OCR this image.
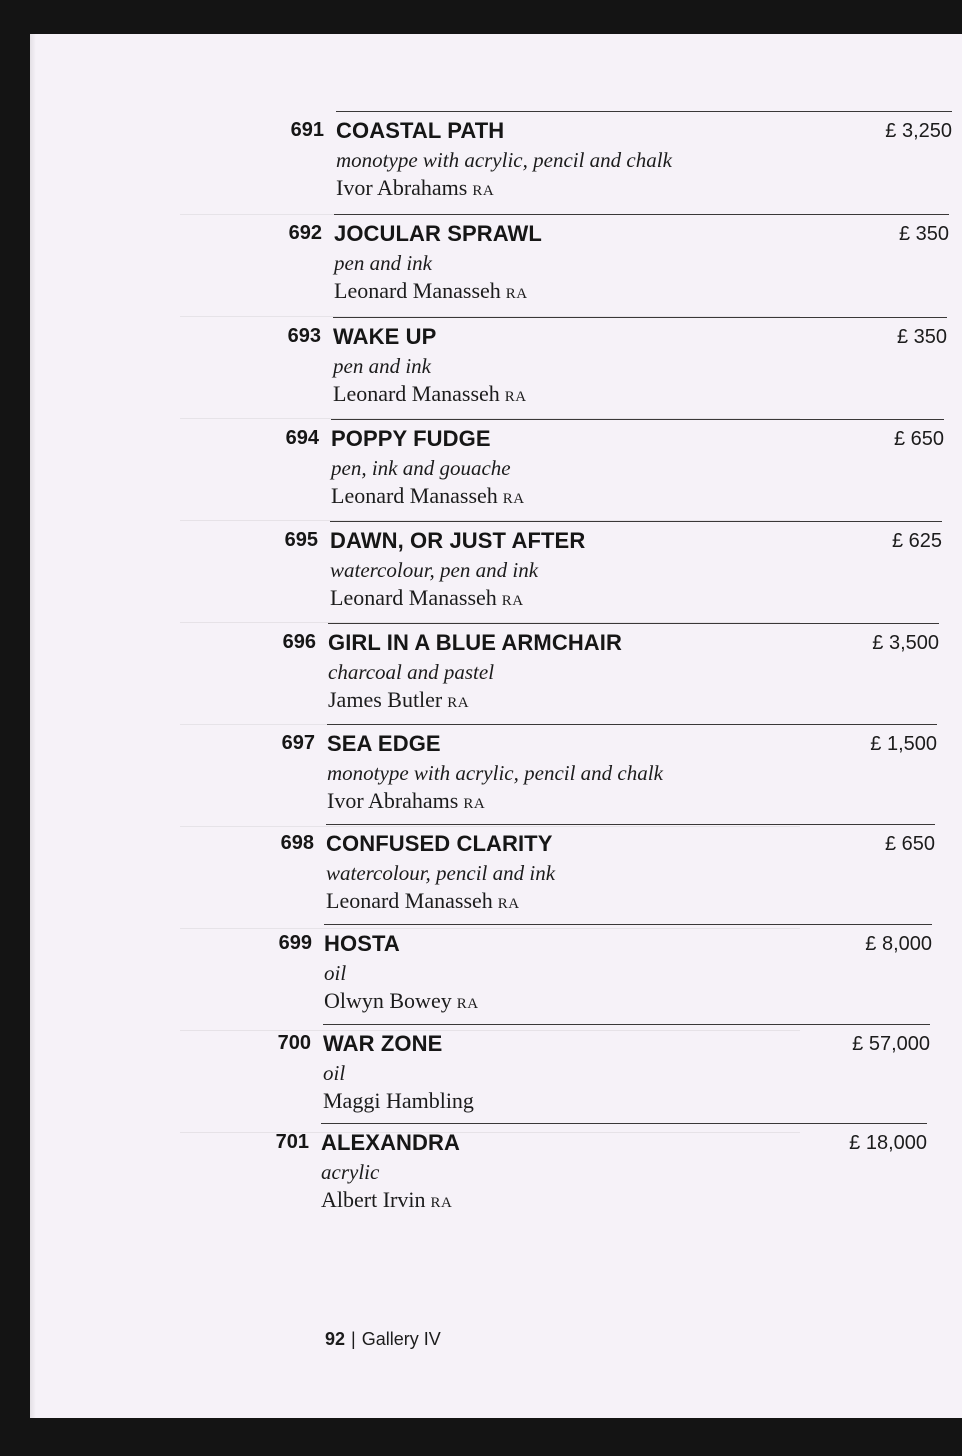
691 COASTAL PATH
monotype with acrylic, pencil and chalk
£ 3,250
Ivor Abrahams RA
692 JOCULAR SPRAWL
pen and ink
£ 350
Leonard Manasseh RA
693 WAKE UP
pen and ink
£ 350
Leonard Manasseh RA
694 POPPY FUDGE
pen, ink and gouache
£ 650
Leonard Manasseh RA
695 DAWN, OR JUST AFTER
watercolour, pen and ink
£ 625
Leonard Manasseh RA
696 GIRL IN A BLUE ARMCHAIR
charcoal and pastel
£ 3,500
James Butler RA
697 SEA EDGE
monotype with acrylic, pencil and chalk
£ 1,500
Ivor Abrahams RA
698 CONFUSED CLARITY
watercolour, pencil and ink
£ 650
Leonard Manasseh RA
699 HOSTA
oil
£ 8,000
Olwyn Bowey RA
700 WAR ZONE
oil
£ 57,000
Maggi Hambling
701 ALEXANDRA
acrylic
£ 18,000
Albert Irvin RA
92 | Gallery IV
